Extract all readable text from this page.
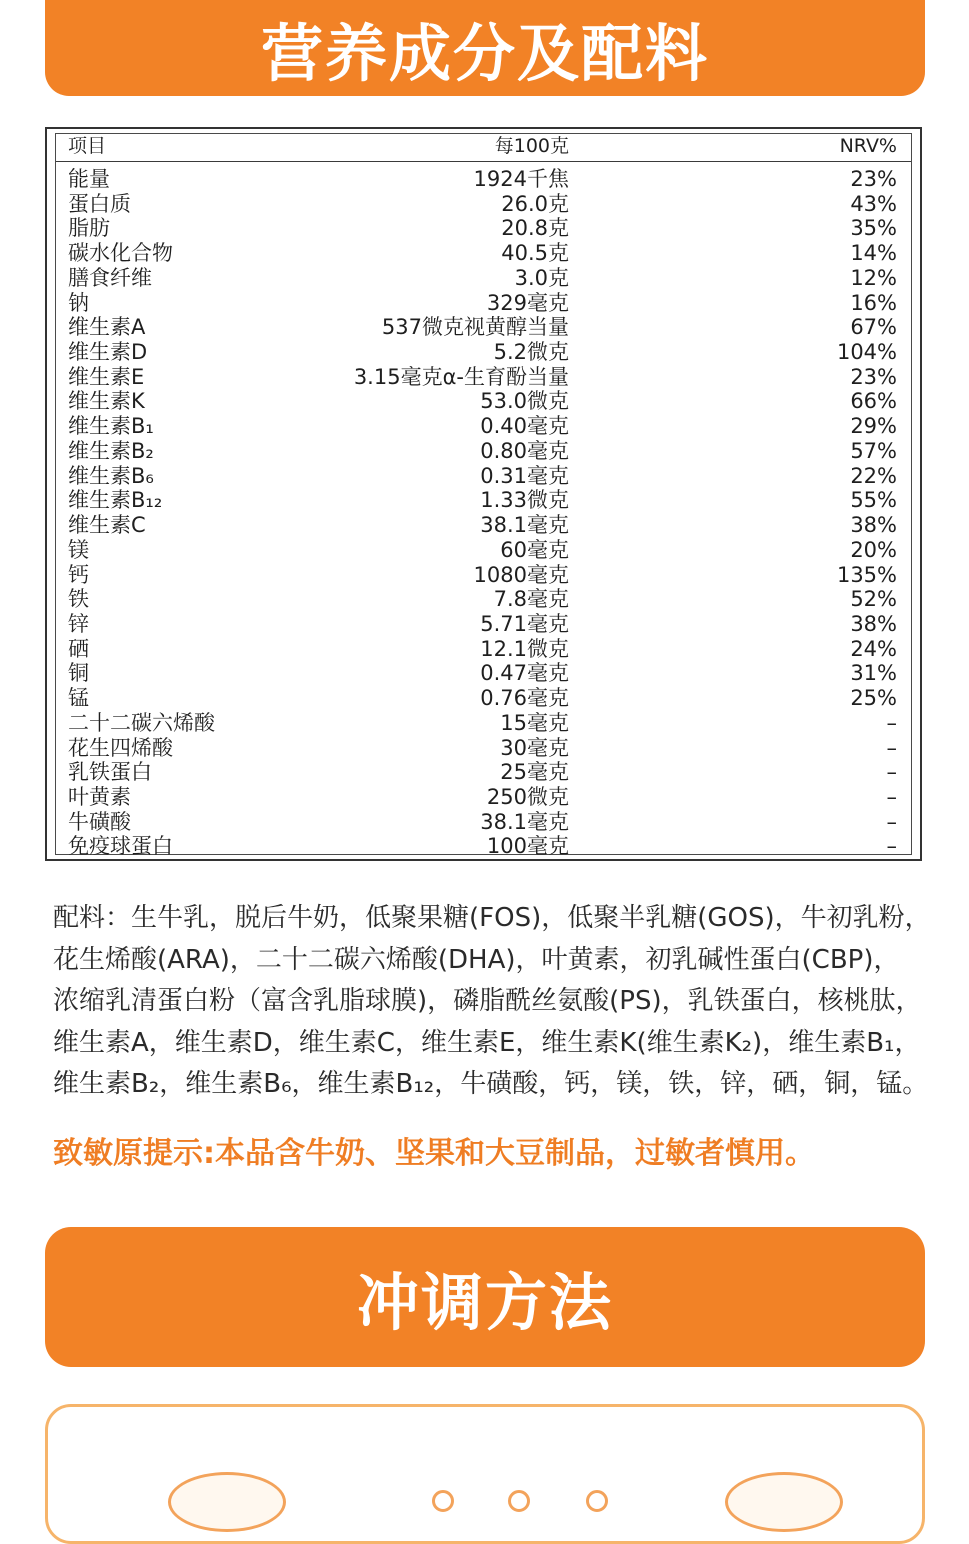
营养成分及配料
项目	每100克	NRV%
能量	1924千焦	23%
蛋白质	26.0克	43%
脂肪	20.8克	35%
碳水化合物	40.5克	14%
膳食纤维	3.0克	12%
钠	329毫克	16%
维生素A	537微克视黄醇当量	67%
维生素D	5.2微克	104%
维生素E	3.15毫克α-生育酚当量	23%
维生素K	53.0微克	66%
维生素B₁	0.40毫克	29%
维生素B₂	0.80毫克	57%
维生素B₆	0.31毫克	22%
维生素B₁₂	1.33微克	55%
维生素C	38.1毫克	38%
镁	60毫克	20%
钙	1080毫克	135%
铁	7.8毫克	52%
锌	5.71毫克	38%
硒	12.1微克	24%
铜	0.47毫克	31%
锰	0.76毫克	25%
二十二碳六烯酸	15毫克	–
花生四烯酸	30毫克	–
乳铁蛋白	25毫克	–
叶黄素	250微克	–
牛磺酸	38.1毫克	–
免疫球蛋白	100毫克	–
配料：生牛乳，脱后牛奶，低聚果糖(FOS)，低聚半乳糖(GOS)，牛初乳粉，
花生烯酸(ARA)，二十二碳六烯酸(DHA)，叶黄素，初乳碱性蛋白(CBP)，
浓缩乳清蛋白粉（富含乳脂球膜)，磷脂酰丝氨酸(PS)，乳铁蛋白，核桃肽，
维生素A，维生素D，维生素C，维生素E，维生素K(维生素K₂)，维生素B₁，
维生素B₂，维生素B₆，维生素B₁₂，牛磺酸，钙，镁，铁，锌，硒，铜，锰。
致敏原提示:本品含牛奶、坚果和大豆制品，过敏者慎用。
冲调方法
